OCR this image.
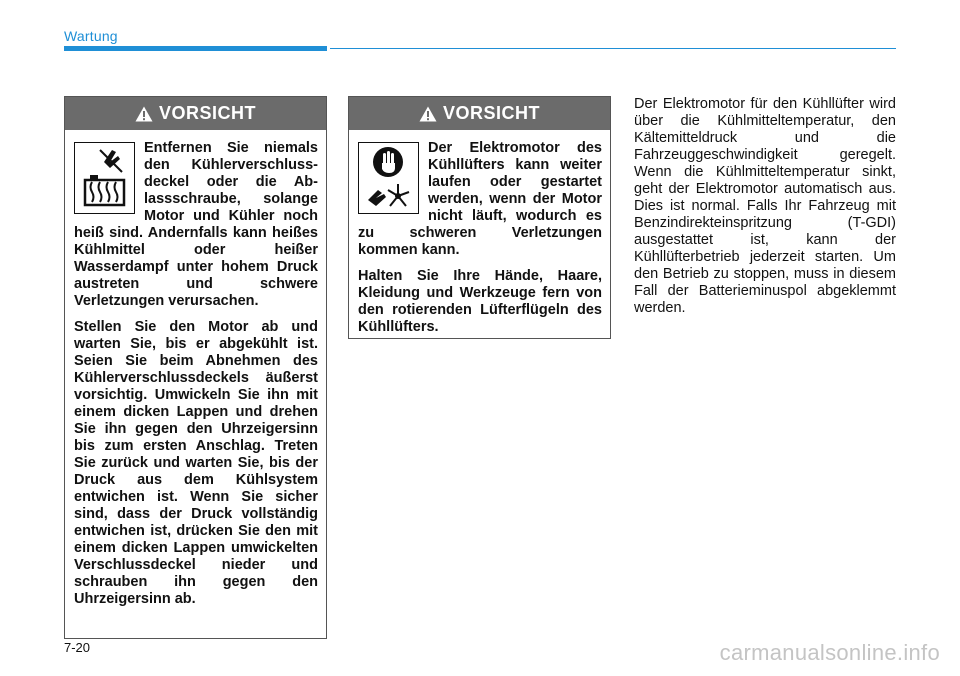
Wartung
VORSICHT

Entfernen Sie niemals den Kühlerverschlussdeckel oder die Ablassschraube, solange Motor und Kühler noch heiß sind. Andernfalls kann heißes Kühlmittel oder heißer Wasserdampf unter hohem Druck austreten und schwere Verletzungen verursachen.

Stellen Sie den Motor ab und warten Sie, bis er abgekühlt ist. Seien Sie beim Abnehmen des Kühlerverschlussdeckels äußerst vorsichtig. Umwickeln Sie ihn mit einem dicken Lappen und drehen Sie ihn gegen den Uhrzeigersinn bis zum ersten Anschlag. Treten Sie zurück und warten Sie, bis der Druck aus dem Kühlsystem entwichen ist. Wenn Sie sicher sind, dass der Druck vollständig entwichen ist, drücken Sie den mit einem dicken Lappen umwickelten Verschlussdeckel nieder und schrauben ihn gegen den Uhrzeigersinn ab.

VORSICHT

Der Elektromotor des Kühllüfters kann weiter laufen oder gestartet werden, wenn der Motor nicht läuft, wodurch es zu schweren Verletzungen kommen kann.

Halten Sie Ihre Hände, Haare, Kleidung und Werkzeuge fern von den rotierenden Lüfterflügeln des Kühllüfters.

Der Elektromotor für den Kühllüfter wird über die Kühlmitteltemperatur, den Kältemitteldruck und die Fahrzeuggeschwindigkeit geregelt. Wenn die Kühlmitteltemperatur sinkt, geht der Elektromotor automatisch aus. Dies ist normal. Falls Ihr Fahrzeug mit Benzindirekteinspritzung (T-GDI) ausgestattet ist, kann der Kühllüfterbetrieb jederzeit starten. Um den Betrieb zu stoppen, muss in diesem Fall der Batterieminuspol abgeklemmt werden.
7-20	carmanualsonline.info
